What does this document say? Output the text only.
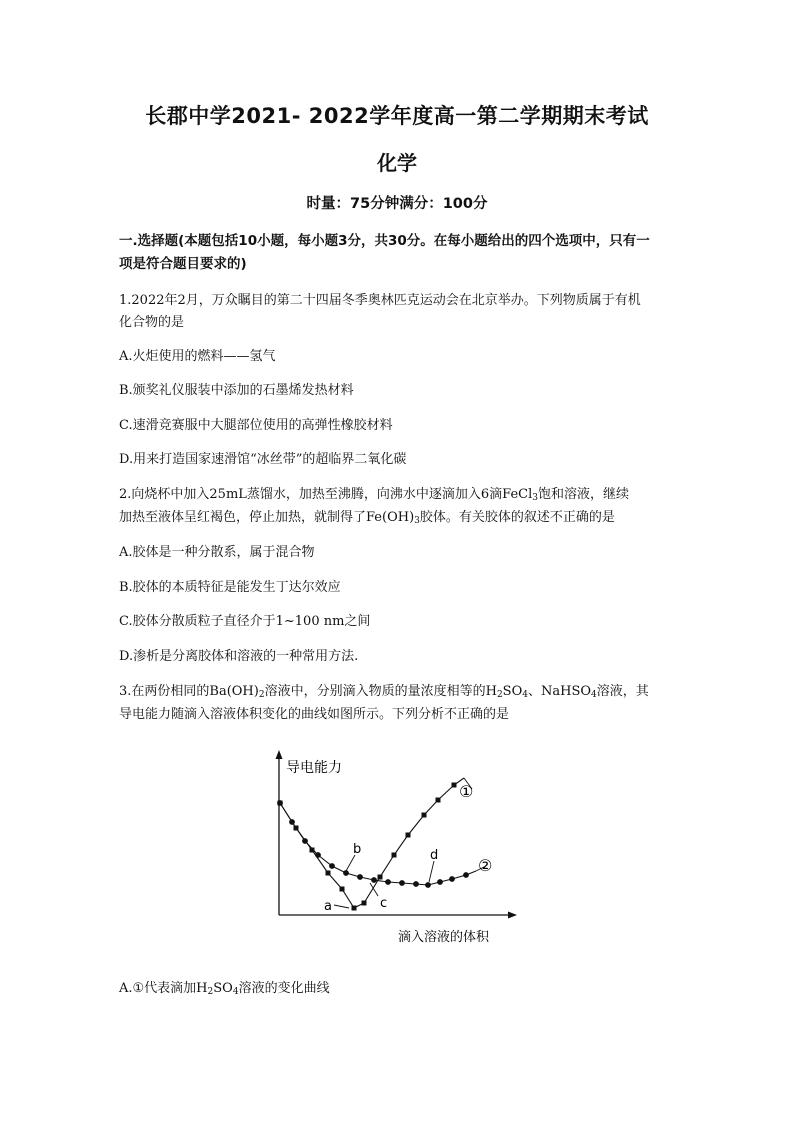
长郡中学2021- 2022学年度高一第二学期期末考试
化学
时量：75分钟满分：100分
一.选择题(本题包括10小题，每小题3分，共30分。在每小题给出的四个选项中，只有一
项是符合题目要求的)
1.2022年2月，万众瞩目的第二十四届冬季奥林匹克运动会在北京举办。下列物质属于有机
化合物的是
A.火炬使用的燃料——氢气
B.颁奖礼仪服装中添加的石墨烯发热材料
C.速滑竞赛服中大腿部位使用的高弹性橡胶材料
D.用来打造国家速滑馆“冰丝带”的超临界二氧化碳
2.向烧杯中加入25mL蒸馏水，加热至沸腾，向沸水中逐滴加入6滴FeCl$_3$饱和溶液，继续
加热至液体呈红褐色，停止加热，就制得了$Fe(OH)_3$胶体。有关胶体的叙述不正确的是
A.胶体是一种分散系，属于混合物
B.胶体的本质特征是能发生丁达尔效应
C.胶体分散质粒子直径介于1~100 nm之间
D.渗析是分离胶体和溶液的一种常用方法.
3.在两份相同的$Ba(OH)_2$溶液中，分别滴入物质的量浓度相等的$H_2SO_4$、NaHSO$_4$溶液，其
导电能力随滴入溶液体积变化的曲线如图所示。下列分析不正确的是
导电能力
滴入溶液的体积
①
②
a
b
c
d
A.①代表滴加$H_2SO_4$溶液的变化曲线
